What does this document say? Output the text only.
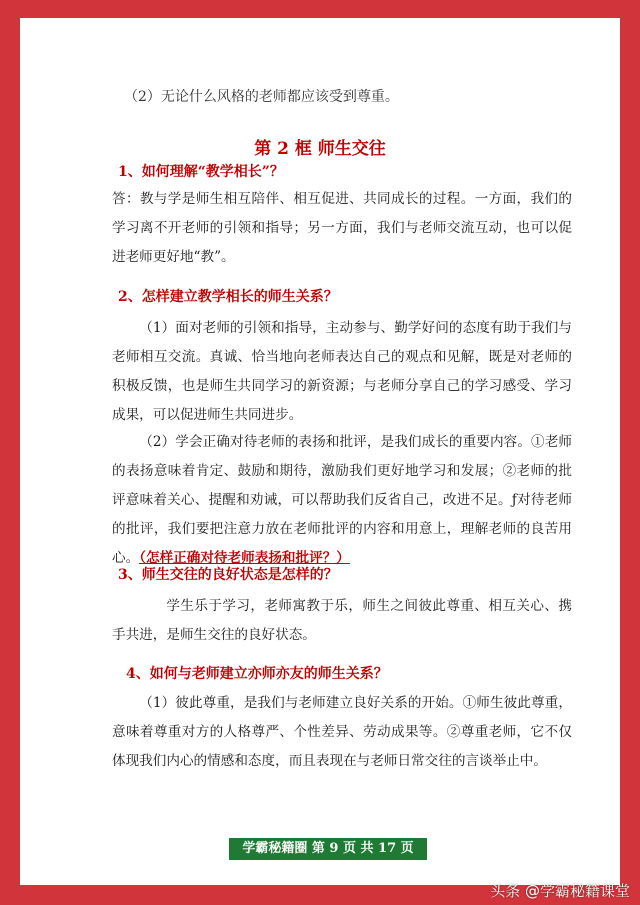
（2）无论什么风格的老师都应该受到尊重。
第 2 框 师生交往
1、如何理解“教学相长”？

答：教与学是师生相互陪伴、相互促进、共同成长的过程。一方面，我们的学习离不开老师的引领和指导；另一方面，我们与老师交流互动，也可以促进老师更好地“教”。

2、怎样建立教学相长的师生关系？

（1）面对老师的引领和指导，主动参与、勤学好问的态度有助于我们与老师相互交流。真诚、恰当地向老师表达自己的观点和见解，既是对老师的积极反馈，也是师生共同学习的新资源；与老师分享自己的学习感受、学习成果，可以促进师生共同进步。

（2）学会正确对待老师的表扬和批评，是我们成长的重要内容。①老师的表扬意味着肯定、鼓励和期待，激励我们更好地学习和发展；②老师的批评意味着关心、提醒和劝诫，可以帮助我们反省自己，改进不足。ƒ对待老师的批评，我们要把注意力放在老师批评的内容和用意上，理解老师的良苦用心。（怎样正确对待老师表扬和批评？）

3、师生交往的良好状态是怎样的？

学生乐于学习，老师寓教于乐，师生之间彼此尊重、相互关心、携手共进，是师生交往的良好状态。

4、如何与老师建立亦师亦友的师生关系？

（1）彼此尊重，是我们与老师建立良好关系的开始。①师生彼此尊重，意味着尊重对方的人格尊严、个性差异、劳动成果等。②尊重老师，它不仅体现我们内心的情感和态度，而且表现在与老师日常交往的言谈举止中。

学霸秘籍圈 第 9 页 共 17 页
头条 @学霸秘籍课堂
